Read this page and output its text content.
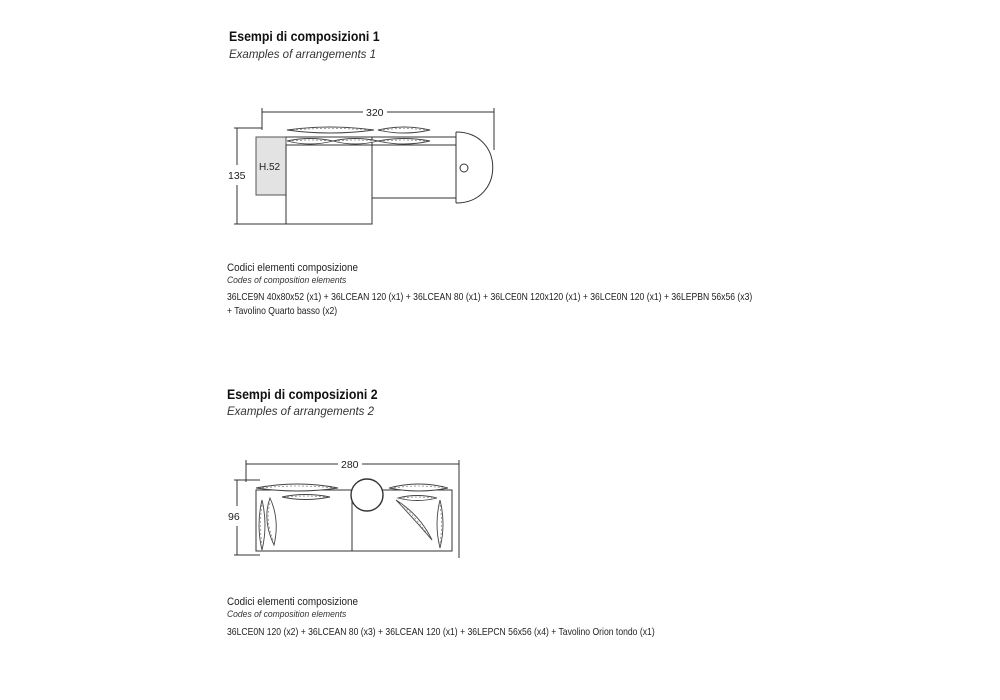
Esempi di composizioni 1
Examples of arrangements 1
320
135
H.52
Codici elementi composizione
Codes of composition elements
36LCE9N 40x80x52 (x1) + 36LCEAN 120 (x1) + 36LCEAN 80 (x1) + 36LCE0N 120x120 (x1) + 36LCE0N 120 (x1) + 36LEPBN 56x56 (x3)
+ Tavolino Quarto basso (x2)
Esempi di composizioni 2
Examples of arrangements 2
280
96
Codici elementi composizione
Codes of composition elements
36LCE0N 120 (x2) + 36LCEAN 80 (x3) + 36LCEAN 120 (x1) + 36LEPCN 56x56 (x4) + Tavolino Orion tondo (x1)
